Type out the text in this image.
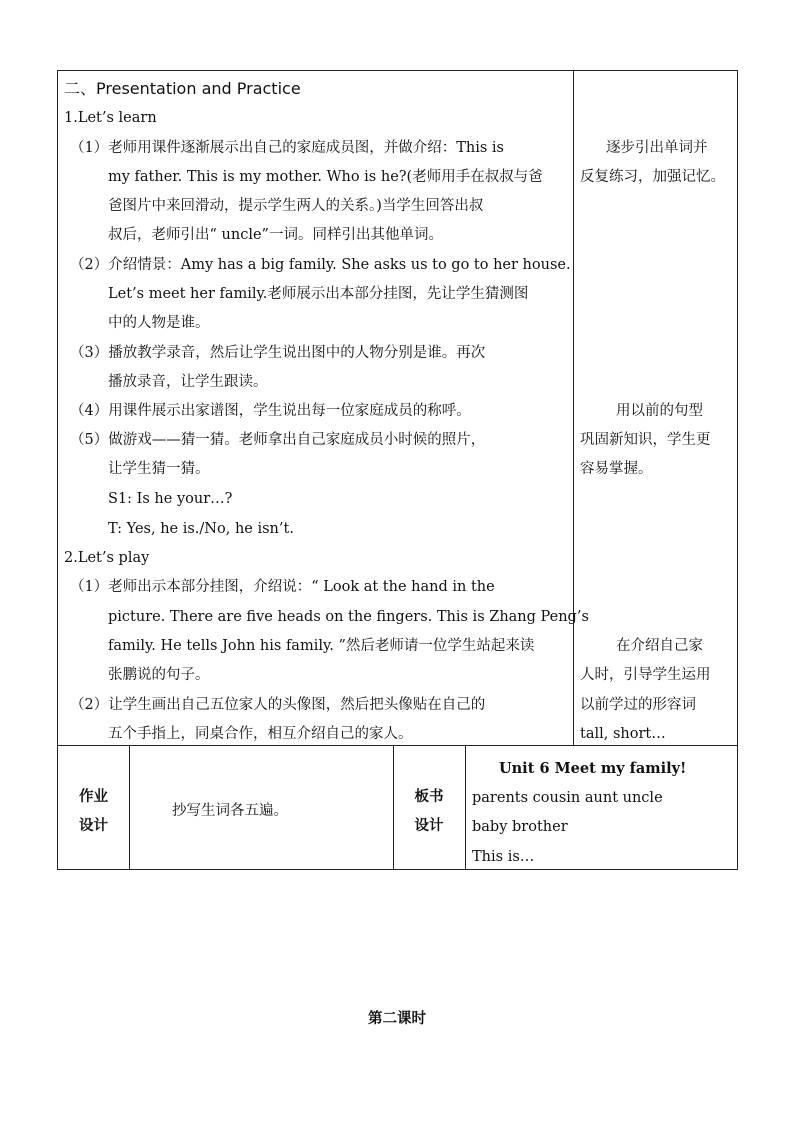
二、Presentation and Practice
1.Let’s learn
（1）老师用课件逐渐展示出自己的家庭成员图，并做介绍：This is
my father. This is my mother. Who is he?(老师用手在叔叔与爸
爸图片中来回滑动，提示学生两人的关系。)当学生回答出叔
叔后，老师引出“ uncle”一词。同样引出其他单词。
（2）介绍情景：Amy has a big family. She asks us to go to her house.
Let’s meet her family.老师展示出本部分挂图，先让学生猜测图
中的人物是谁。
（3）播放教学录音，然后让学生说出图中的人物分别是谁。再次
播放录音，让学生跟读。
（4）用课件展示出家谱图，学生说出每一位家庭成员的称呼。
（5）做游戏——猜一猜。老师拿出自己家庭成员小时候的照片，
让学生猜一猜。
S1: Is he your…?
T: Yes, he is./No, he isn’t.
2.Let’s play
（1）老师出示本部分挂图，介绍说：“ Look at the hand in the
picture. There are five heads on the fingers. This is Zhang Peng’s
family. He tells John his family. ”然后老师请一位学生站起来读
张鹏说的句子。
（2）让学生画出自己五位家人的头像图，然后把头像贴在自己的
五个手指上，同桌合作，相互介绍自己的家人。
逐步引出单词并
反复练习，加强记忆。
用以前的句型
巩固新知识，学生更
容易掌握。
在介绍自己家
人时，引导学生运用
以前学过的形容词
tall, short…
作业
设计
抄写生词各五遍。
板书
设计
Unit 6 Meet my family!
parents cousin aunt uncle
baby brother
This is…
第二课时
